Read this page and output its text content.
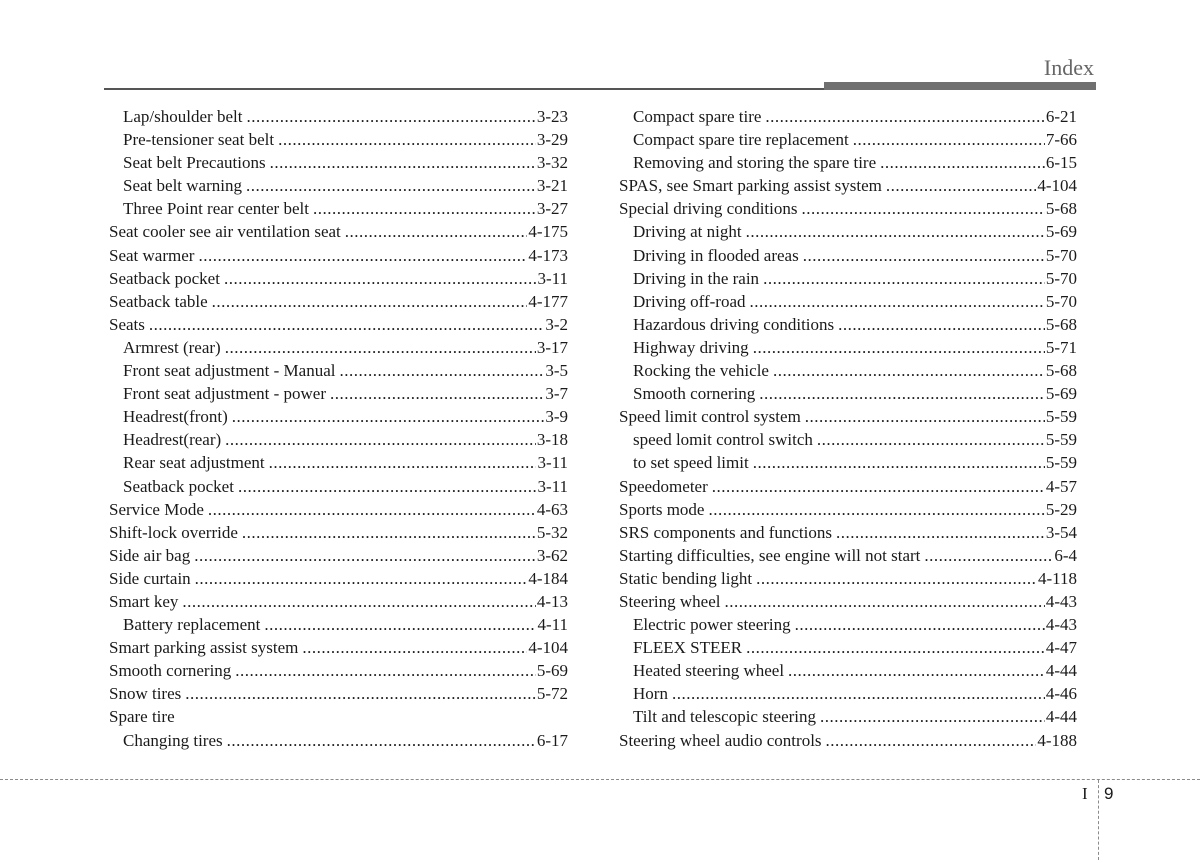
Index
Lap/shoulder belt .....	3-23
Pre-tensioner seat belt .....	3-29
Seat belt Precautions .....	3-32
Seat belt warning .....	3-21
Three Point rear center belt .....	3-27
Seat cooler see air ventilation seat .....	4-175
Seat warmer .....	4-173
Seatback pocket .....	3-11
Seatback table .....	4-177
Seats .....	3-2
Armrest (rear) .....	3-17
Front seat adjustment - Manual .....	3-5
Front seat adjustment - power .....	3-7
Headrest(front) .....	3-9
Headrest(rear) .....	3-18
Rear seat adjustment .....	3-11
Seatback pocket .....	3-11
Service Mode .....	4-63
Shift-lock override .....	5-32
Side air bag .....	3-62
Side curtain .....	4-184
Smart key .....	4-13
Battery replacement .....	4-11
Smart parking assist system .....	4-104
Smooth cornering .....	5-69
Snow tires .....	5-72
Spare tire
Changing tires .....	6-17
Compact spare tire .....	6-21
Compact spare tire replacement .....	7-66
Removing and storing the spare tire .....	6-15
SPAS, see Smart parking assist system .....	4-104
Special driving conditions .....	5-68
Driving at night .....	5-69
Driving in flooded areas .....	5-70
Driving in the rain .....	5-70
Driving off-road .....	5-70
Hazardous driving conditions .....	5-68
Highway driving .....	5-71
Rocking the vehicle .....	5-68
Smooth cornering .....	5-69
Speed limit control system .....	5-59
speed lomit control switch .....	5-59
to set speed limit .....	5-59
Speedometer .....	4-57
Sports mode .....	5-29
SRS components and functions .....	3-54
Starting difficulties, see engine will not start .....	6-4
Static bending light .....	4-118
Steering wheel .....	4-43
Electric power steering .....	4-43
FLEEX STEER .....	4-47
Heated steering wheel .....	4-44
Horn .....	4-46
Tilt and telescopic steering .....	4-44
Steering wheel audio controls .....	4-188
I 9
